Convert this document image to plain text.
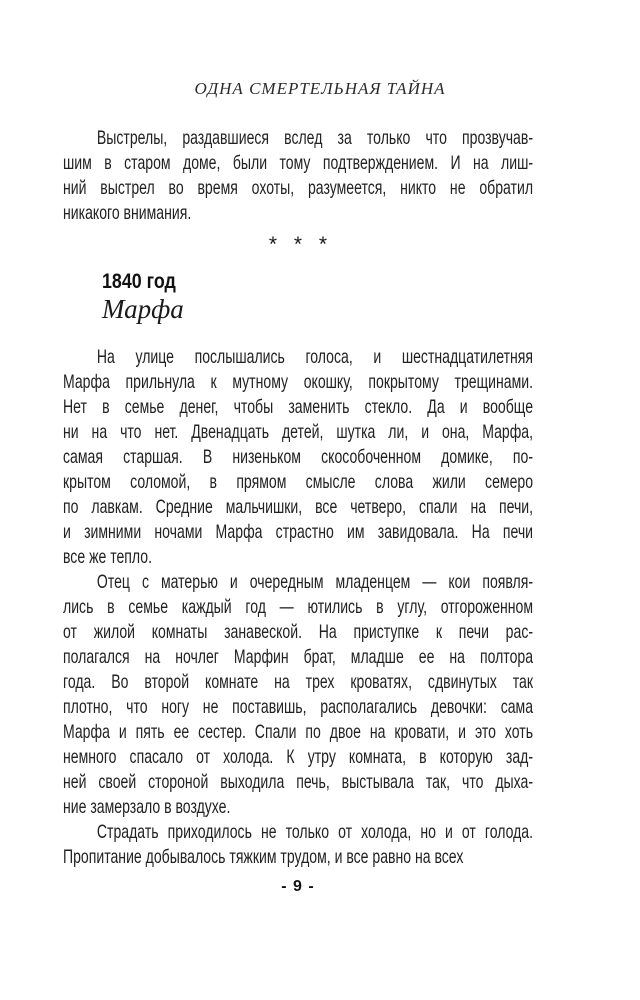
ОДНА СМЕРТЕЛЬНАЯ ТАЙНА

Выстрелы, раздавшиеся вслед за только что прозвучав-
шим в старом доме, были тому подтверждением. И на лиш-
ний выстрел во время охоты, разумеется, никто не обратил
никакого внимания.

* * *
1840 год
Марфа

На улице послышались голоса, и шестнадцатилетняя
Марфа прильнула к мутному окошку, покрытому трещинами.
Нет в семье денег, чтобы заменить стекло. Да и вообще
ни на что нет. Двенадцать детей, шутка ли, и она, Марфа,
самая старшая. В низеньком скособоченном домике, по-
крытом соломой, в прямом смысле слова жили семеро
по лавкам. Средние мальчишки, все четверо, спали на печи,
и зимними ночами Марфа страстно им завидовала. На печи
все же тепло.

Отец с матерью и очередным младенцем — кои появля-
лись в семье каждый год — ютились в углу, отгороженном
от жилой комнаты занавеской. На приступке к печи рас-
полагался на ночлег Марфин брат, младше ее на полтора
года. Во второй комнате на трех кроватях, сдвинутых так
плотно, что ногу не поставишь, располагались девочки: сама
Марфа и пять ее сестер. Спали по двое на кровати, и это хоть
немного спасало от холода. К утру комната, в которую зад-
ней своей стороной выходила печь, выстывала так, что дыха-
ние замерзало в воздухе.

Страдать приходилось не только от холода, но и от голода.
Пропитание добывалось тяжким трудом, и все равно на всех

- 9 -
